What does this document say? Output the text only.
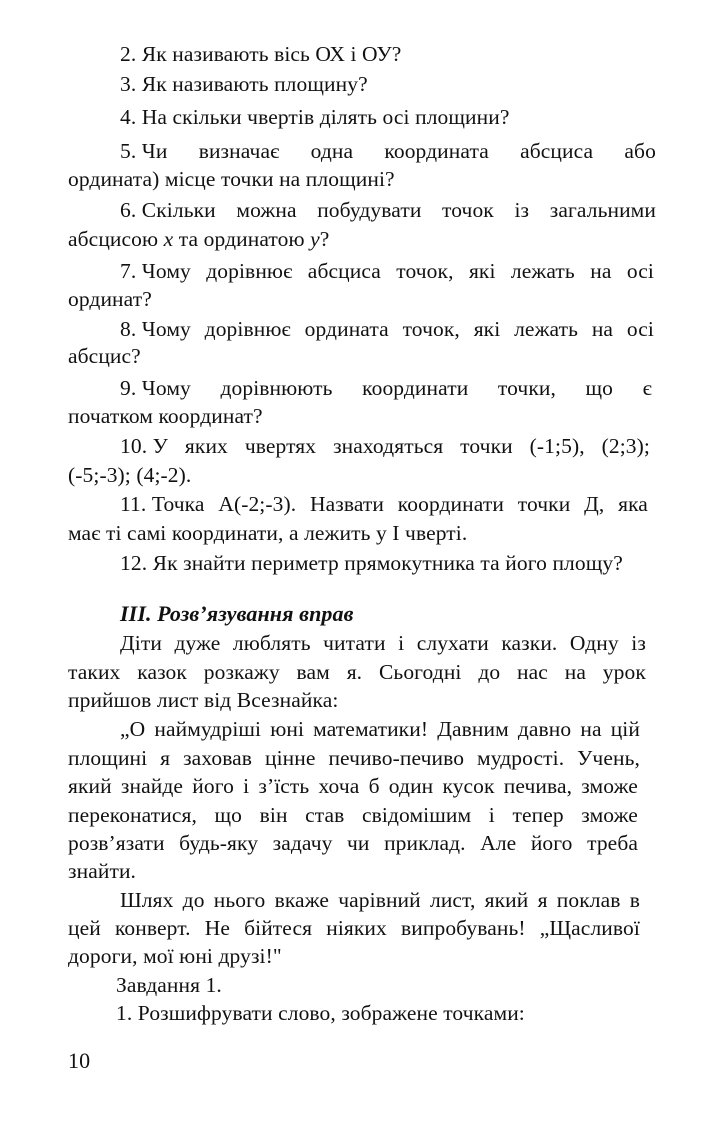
2. Як називають вісь ОХ і ОУ?
3. Як називають площину?
4. На скільки чвертів ділять осі площини?
5. Чи визначає одна координата абсциса або
ордината) місце точки на площині?
6. Скільки можна побудувати точок із загальними
абсцисою x та ординатою y?
7. Чому дорівнює абсциса точок, які лежать на осі
ординат?
8. Чому дорівнює ордината точок, які лежать на осі
абсцис?
9. Чому дорівнюють координати точки, що є
початком координат?
10. У яких чвертях знаходяться точки (-1;5), (2;3);
(-5;-3); (4;-2).
11. Точка А(-2;-3). Назвати координати точки Д, яка
має ті самі координати, а лежить у І чверті.
12. Як знайти периметр прямокутника та його площу?
ІІІ. Розв’язування вправ
Діти дуже люблять читати і слухати казки. Одну із
таких казок розкажу вам я. Сьогодні до нас на урок
прийшов лист від Всезнайка:
„О наймудріші юні математики! Давним давно на цій
площині я заховав цінне печиво-печиво мудрості. Учень,
який знайде його і з’їсть хоча б один кусок печива, зможе
переконатися, що він став свідомішим і тепер зможе
розв’язати будь-яку задачу чи приклад. Але його треба
знайти.
Шлях до нього вкаже чарівний лист, який я поклав в
цей конверт. Не бійтеся ніяких випробувань! „Щасливої
дороги, мої юні друзі!"
Завдання 1.
1. Розшифрувати слово, зображене точками:
10
